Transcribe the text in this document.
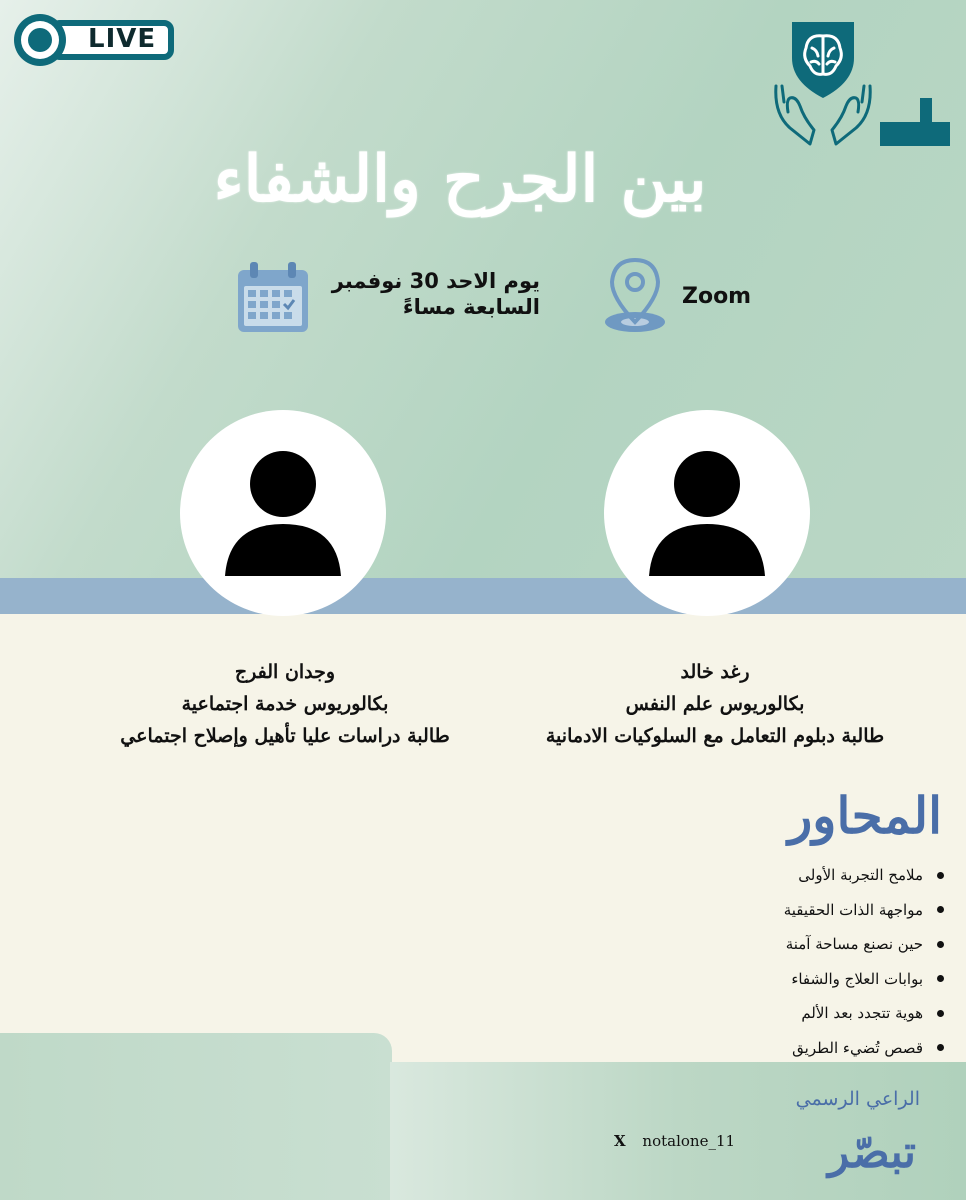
LIVE
بين الجرح والشفاء
يوم الاحد 30 نوفمبر
السابعة مساءً	Zoom
رغد خالد
بكالوريوس علم النفس
طالبة دبلوم التعامل مع السلوكيات الادمانية
وجدان الفرج
بكالوريوس خدمة اجتماعية
طالبة دراسات عليا تأهيل وإصلاح اجتماعي
المحاور
ملامح التجربة الأولى
مواجهة الذات الحقيقية
حين نصنع مساحة آمنة
بوابات العلاج والشفاء
هوية تتجدد بعد الألم
قصص تُضيء الطريق
X notalone_11
الراعي الرسمي
تبصّر
